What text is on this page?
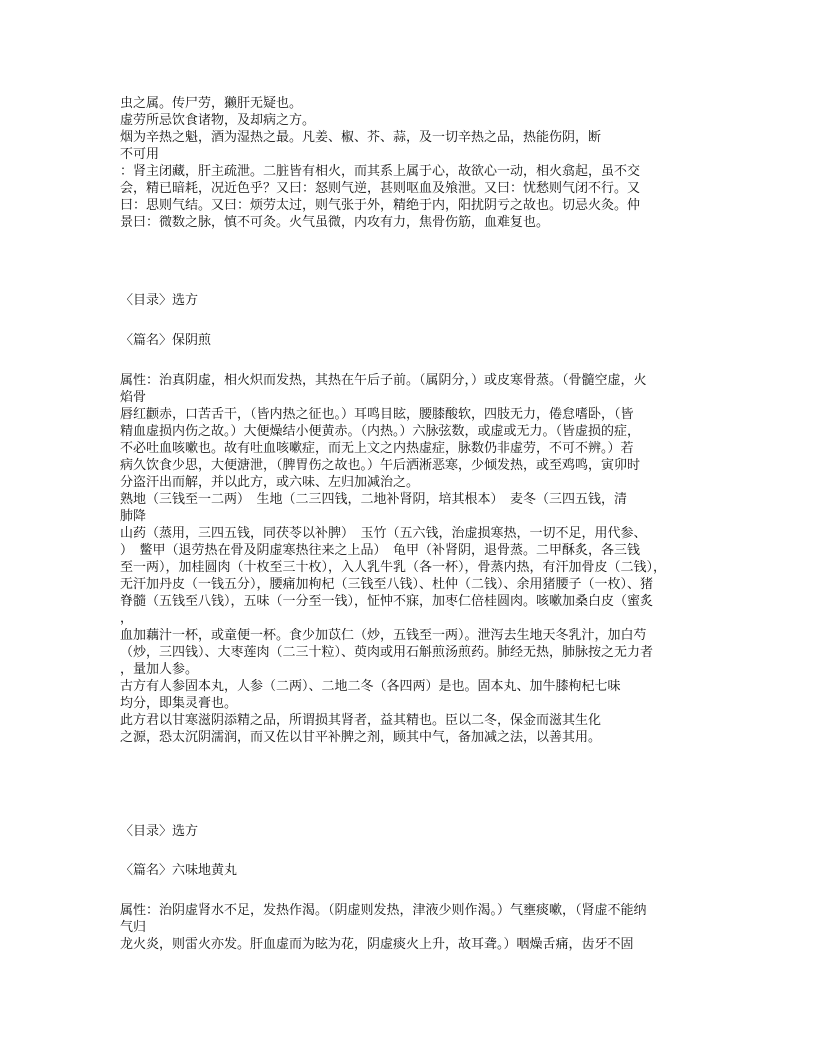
虫之属。传尸劳，獭肝无疑也。
虚劳所忌饮食诸物，及却病之方。
烟为辛热之魁，酒为湿热之最。凡姜、椒、芥、蒜，及一切辛热之品，热能伤阴，断
不可用
：肾主闭藏，肝主疏泄。二脏皆有相火，而其系上属于心，故欲心一动，相火翕起，虽不交
会，精已暗耗，况近色乎？又曰：怒则气逆，甚则呕血及飧泄。又曰：忧愁则气闭不行。又
曰：思则气结。又曰：烦劳太过，则气张于外，精绝于内，阳扰阴亏之故也。切忌火灸。仲
景曰：微数之脉，慎不可灸。火气虽微，内攻有力，焦骨伤筋，血难复也。
〈目录〉选方
〈篇名〉保阴煎
属性：治真阴虚，相火炽而发热，其热在午后子前。（属阴分，）或皮寒骨蒸。（骨髓空虚，火
焰骨
唇红颧赤，口苦舌干，（皆内热之征也。）耳鸣目眩，腰膝酸软，四肢无力，倦怠嗜卧，（皆
精血虚损内伤之故。）大便燥结小便黄赤。（内热。）六脉弦数，或虚或无力。（皆虚损的症，
不必吐血咳嗽也。故有吐血咳嗽症，而无上文之内热虚症，脉数仍非虚劳，不可不辨。）若
病久饮食少思，大便溏泄，（脾胃伤之故也。）午后洒淅恶寒，少倾发热，或至鸡鸣，寅卯时
分盗汗出而解，并以此方，或六味、左归加减治之。
熟地（三钱至一二两）　生地（二三四钱，二地补肾阴，培其根本）　麦冬（三四五钱，清
肺降
山药（蒸用，三四五钱，同茯苓以补脾）　玉竹（五六钱，治虚损寒热，一切不足，用代参、
）　鳖甲（退劳热在骨及阴虚寒热往来之上品）　龟甲（补肾阴，退骨蒸。二甲酥炙，各三钱
至一两），加桂圆肉（十枚至三十枚），入人乳牛乳（各一杯），骨蒸内热，有汗加骨皮（二钱），
无汗加丹皮（一钱五分），腰痛加枸杞（三钱至八钱）、杜仲（二钱）、余用猪腰子（一枚）、猪
脊髓（五钱至八钱），五味（一分至一钱），怔忡不寐，加枣仁倍桂圆肉。咳嗽加桑白皮（蜜炙
，
血加藕汁一杯，或童便一杯。食少加苡仁（炒，五钱至一两）。泄泻去生地天冬乳汁，加白芍
（炒，三四钱）、大枣莲肉（二三十粒）、萸肉或用石斛煎汤煎药。肺经无热，肺脉按之无力者
，量加人参。
古方有人参固本丸，人参（二两）、二地二冬（各四两）是也。固本丸、加牛膝枸杞七味
均分，即集灵膏也。
此方君以甘寒滋阴添精之品，所谓损其肾者，益其精也。臣以二冬，保金而滋其生化
之源，恐太沉阴濡润，而又佐以甘平补脾之剂，顾其中气，备加减之法，以善其用。
〈目录〉选方
〈篇名〉六味地黄丸
属性：治阴虚肾水不足，发热作渴。（阴虚则发热，津液少则作渴。）气壅痰嗽，（肾虚不能纳
气归
龙火炎，则雷火亦发。肝血虚而为眩为花，阴虚痰火上升，故耳聋。）咽燥舌痛，齿牙不固
